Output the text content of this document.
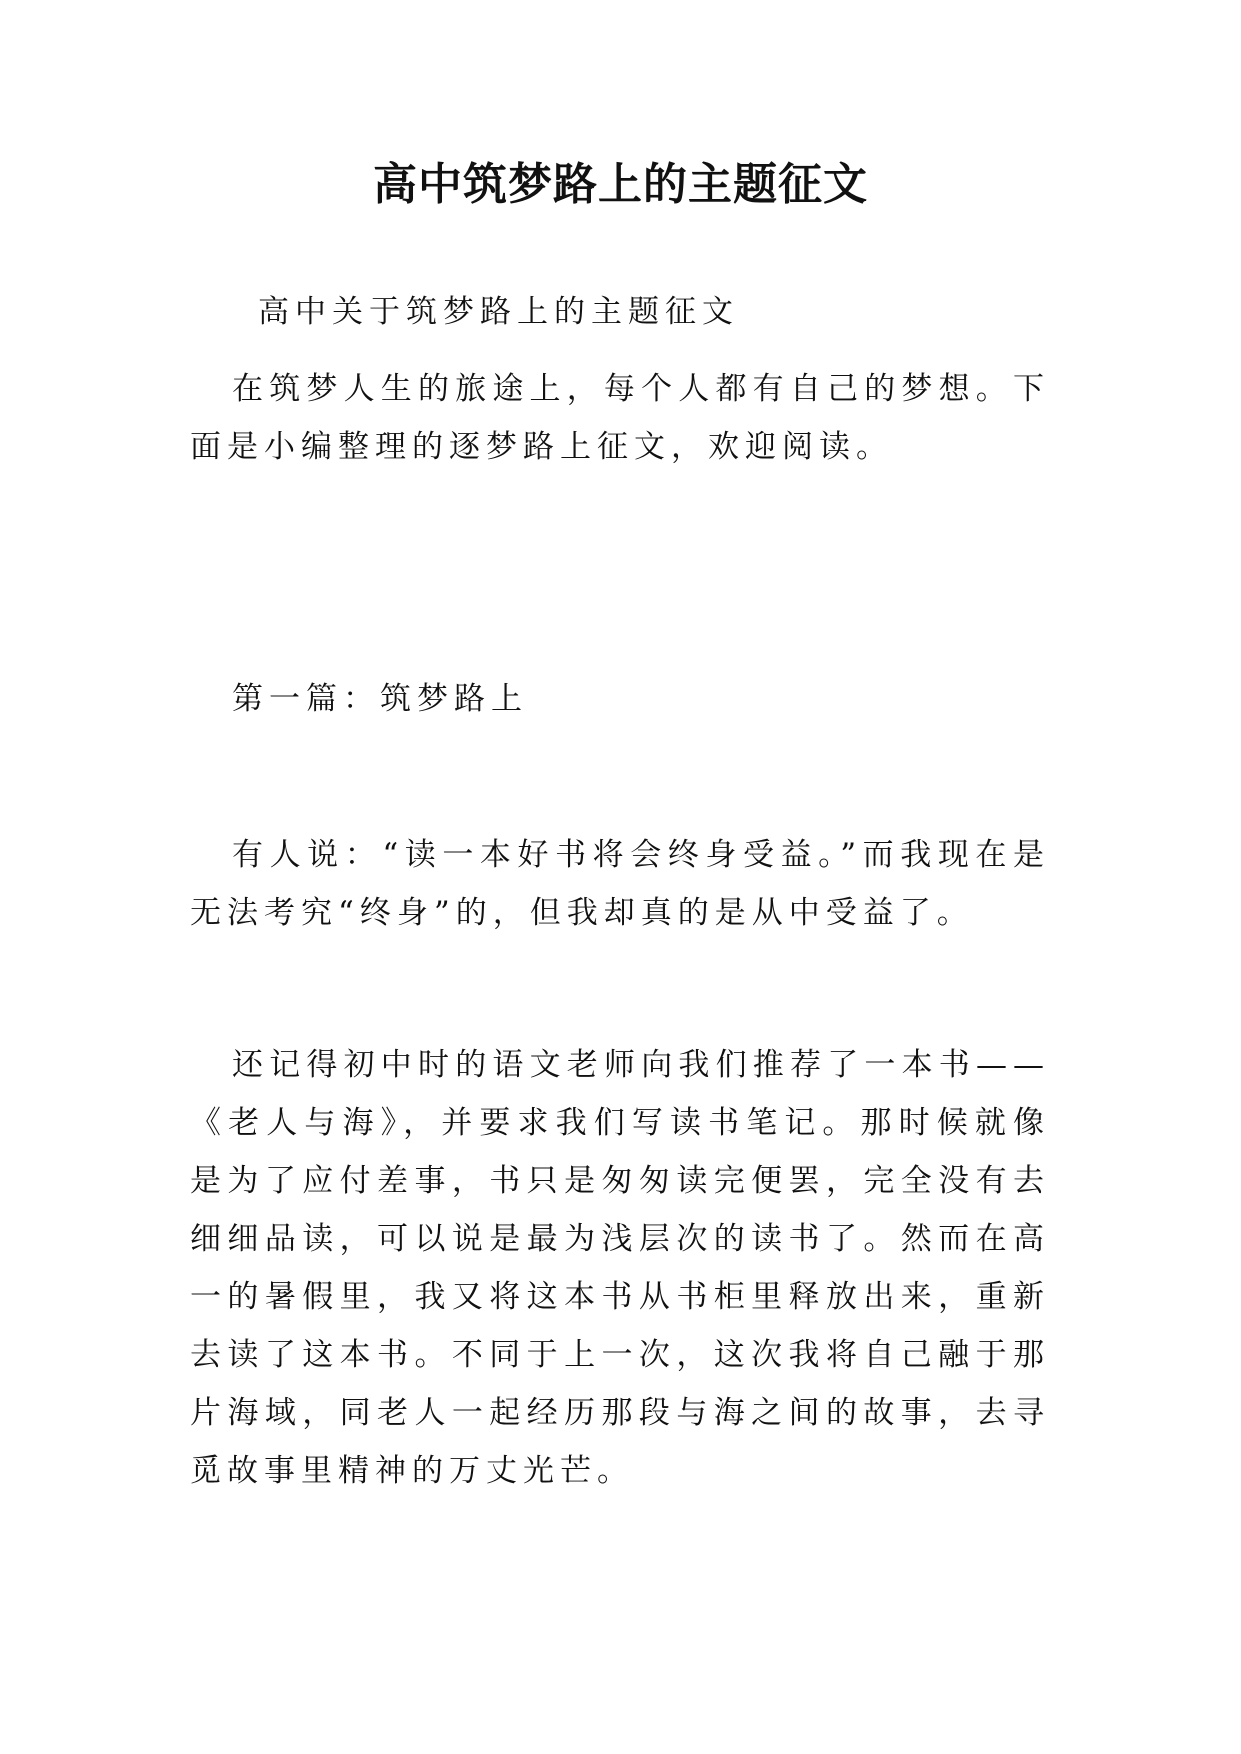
高中筑梦路上的主题征文
高中关于筑梦路上的主题征文

在筑梦人生的旅途上，每个人都有自己的梦想。下面是小编整理的逐梦路上征文，欢迎阅读。

第一篇：筑梦路上

有人说：“读一本好书将会终身受益。”而我现在是无法考究“终身”的，但我却真的是从中受益了。

还记得初中时的语文老师向我们推荐了一本书——《老人与海》，并要求我们写读书笔记。那时候就像是为了应付差事，书只是匆匆读完便罢，完全没有去细细品读，可以说是最为浅层次的读书了。然而在高一的暑假里，我又将这本书从书柜里释放出来，重新去读了这本书。不同于上一次，这次我将自己融于那片海域，同老人一起经历那段与海之间的故事，去寻觅故事里精神的万丈光芒。
